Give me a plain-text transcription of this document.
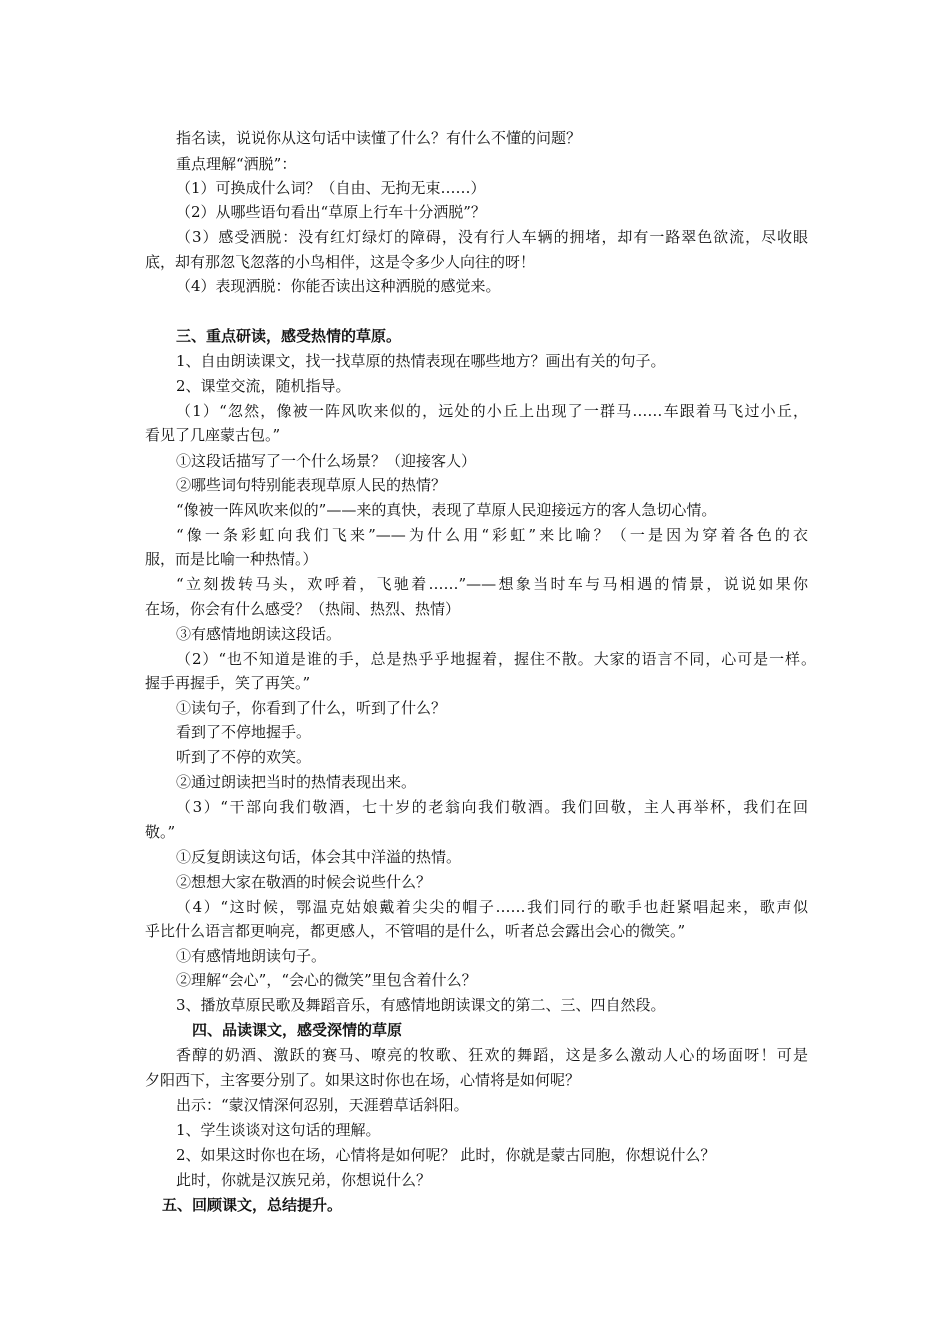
指名读，说说你从这句话中读懂了什么？有什么不懂的问题？
重点理解“洒脱”：
（1）可换成什么词？（自由、无拘无束……）
（2）从哪些语句看出“草原上行车十分洒脱”？
（3）感受洒脱：没有红灯绿灯的障碍，没有行人车辆的拥堵，却有一路翠色欲流，尽收眼
底，却有那忽飞忽落的小鸟相伴，这是令多少人向往的呀！
（4）表现洒脱：你能否读出这种洒脱的感觉来。
三、重点研读，感受热情的草原。
1、自由朗读课文，找一找草原的热情表现在哪些地方？画出有关的句子。
2、课堂交流，随机指导。
（1）“忽然，像被一阵风吹来似的，远处的小丘上出现了一群马……车跟着马飞过小丘，
看见了几座蒙古包。”
①这段话描写了一个什么场景？（迎接客人）
②哪些词句特别能表现草原人民的热情？
“像被一阵风吹来似的”——来的真快，表现了草原人民迎接远方的客人急切心情。
“像一条彩虹向我们飞来”——为什么用“彩虹”来比喻？（一是因为穿着各色的衣
服，而是比喻一种热情。）
“立刻拨转马头，欢呼着，飞驰着……”——想象当时车与马相遇的情景，说说如果你
在场，你会有什么感受？（热闹、热烈、热情）
③有感情地朗读这段话。
（2）“也不知道是谁的手，总是热乎乎地握着，握住不散。大家的语言不同，心可是一样。
握手再握手，笑了再笑。”
①读句子，你看到了什么，听到了什么？
看到了不停地握手。
听到了不停的欢笑。
②通过朗读把当时的热情表现出来。
（3）“干部向我们敬酒，七十岁的老翁向我们敬酒。我们回敬，主人再举杯，我们在回
敬。”
①反复朗读这句话，体会其中洋溢的热情。
②想想大家在敬酒的时候会说些什么？
（4）“这时候，鄂温克姑娘戴着尖尖的帽子……我们同行的歌手也赶紧唱起来，歌声似
乎比什么语言都更响亮，都更感人，不管唱的是什么，听者总会露出会心的微笑。”
①有感情地朗读句子。
②理解“会心”，“会心的微笑”里包含着什么？
3、播放草原民歌及舞蹈音乐，有感情地朗读课文的第二、三、四自然段。
四、品读课文，感受深情的草原
香醇的奶酒、激跃的赛马、嘹亮的牧歌、狂欢的舞蹈，这是多么激动人心的场面呀！可是
夕阳西下，主客要分别了。如果这时你也在场，心情将是如何呢？
出示：“蒙汉情深何忍别，天涯碧草话斜阳。
1、学生谈谈对这句话的理解。
2、如果这时你也在场，心情将是如何呢？ 此时，你就是蒙古同胞，你想说什么？
此时，你就是汉族兄弟，你想说什么？
五、回顾课文，总结提升。
